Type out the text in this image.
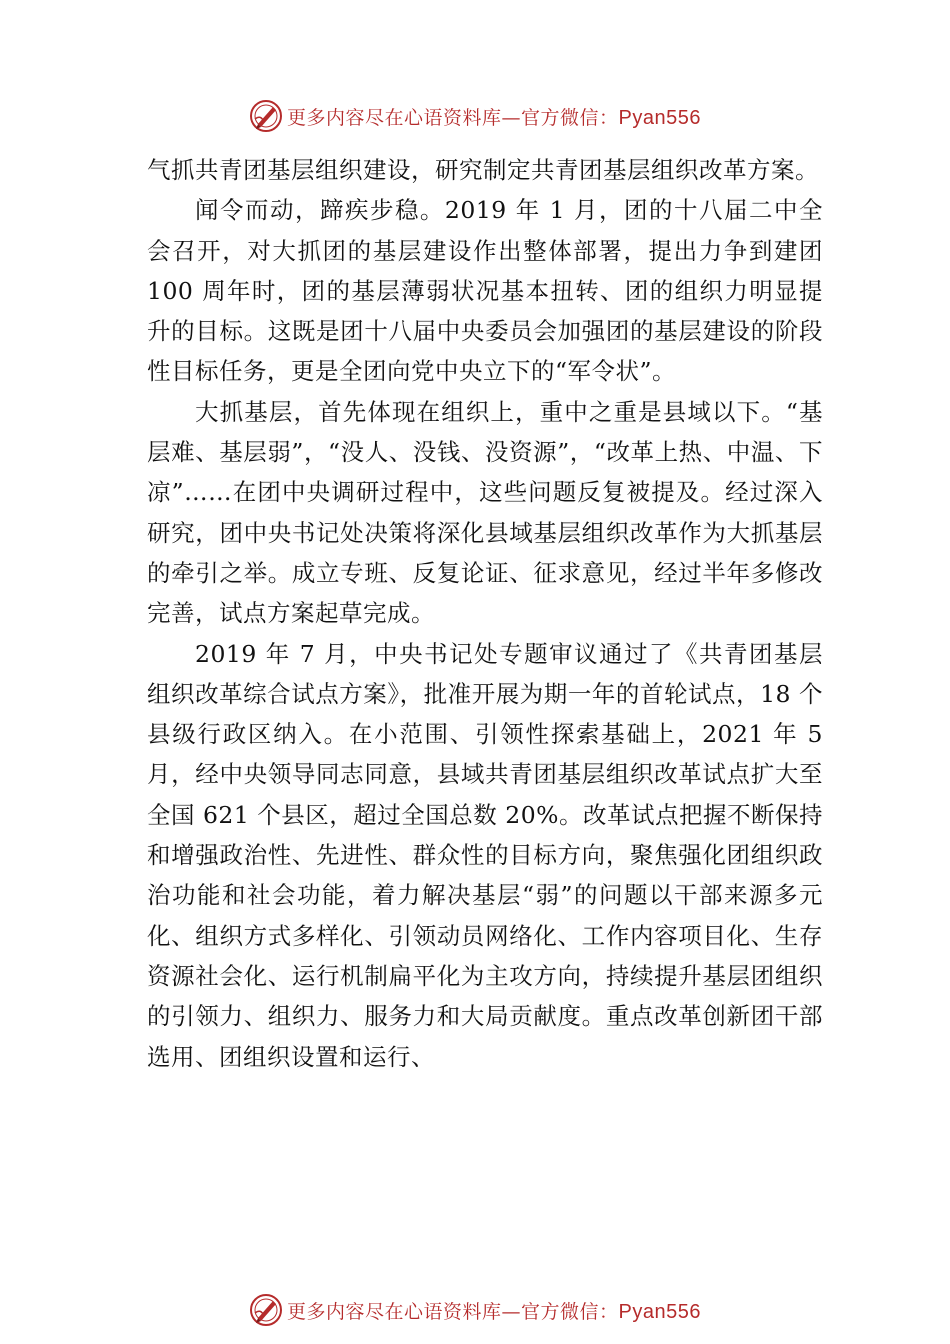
更多内容尽在心语资料库—官方微信：Pyan556

气抓共青团基层组织建设，研究制定共青团基层组织改革方案。

闻令而动，蹄疾步稳。2019 年 1 月，团的十八届二中全会召开，对大抓团的基层建设作出整体部署，提出力争到建团 100 周年时，团的基层薄弱状况基本扭转、团的组织力明显提升的目标。这既是团十八届中央委员会加强团的基层建设的阶段性目标任务，更是全团向党中央立下的“军令状”。

大抓基层，首先体现在组织上，重中之重是县域以下。“基层难、基层弱”，“没人、没钱、没资源”，“改革上热、中温、下凉”……在团中央调研过程中，这些问题反复被提及。经过深入研究，团中央书记处决策将深化县域基层组织改革作为大抓基层的牵引之举。成立专班、反复论证、征求意见，经过半年多修改完善，试点方案起草完成。

2019 年 7 月，中央书记处专题审议通过了《共青团基层组织改革综合试点方案》，批准开展为期一年的首轮试点，18 个县级行政区纳入。在小范围、引领性探索基础上，2021 年 5 月，经中央领导同志同意，县域共青团基层组织改革试点扩大至全国 621 个县区，超过全国总数 20%。改革试点把握不断保持和增强政治性、先进性、群众性的目标方向，聚焦强化团组织政治功能和社会功能，着力解决基层“弱”的问题以干部来源多元化、组织方式多样化、引领动员网络化、工作内容项目化、生存资源社会化、运行机制扁平化为主攻方向，持续提升基层团组织的引领力、组织力、服务力和大局贡献度。重点改革创新团干部选用、团组织设置和运行、

更多内容尽在心语资料库—官方微信：Pyan556
